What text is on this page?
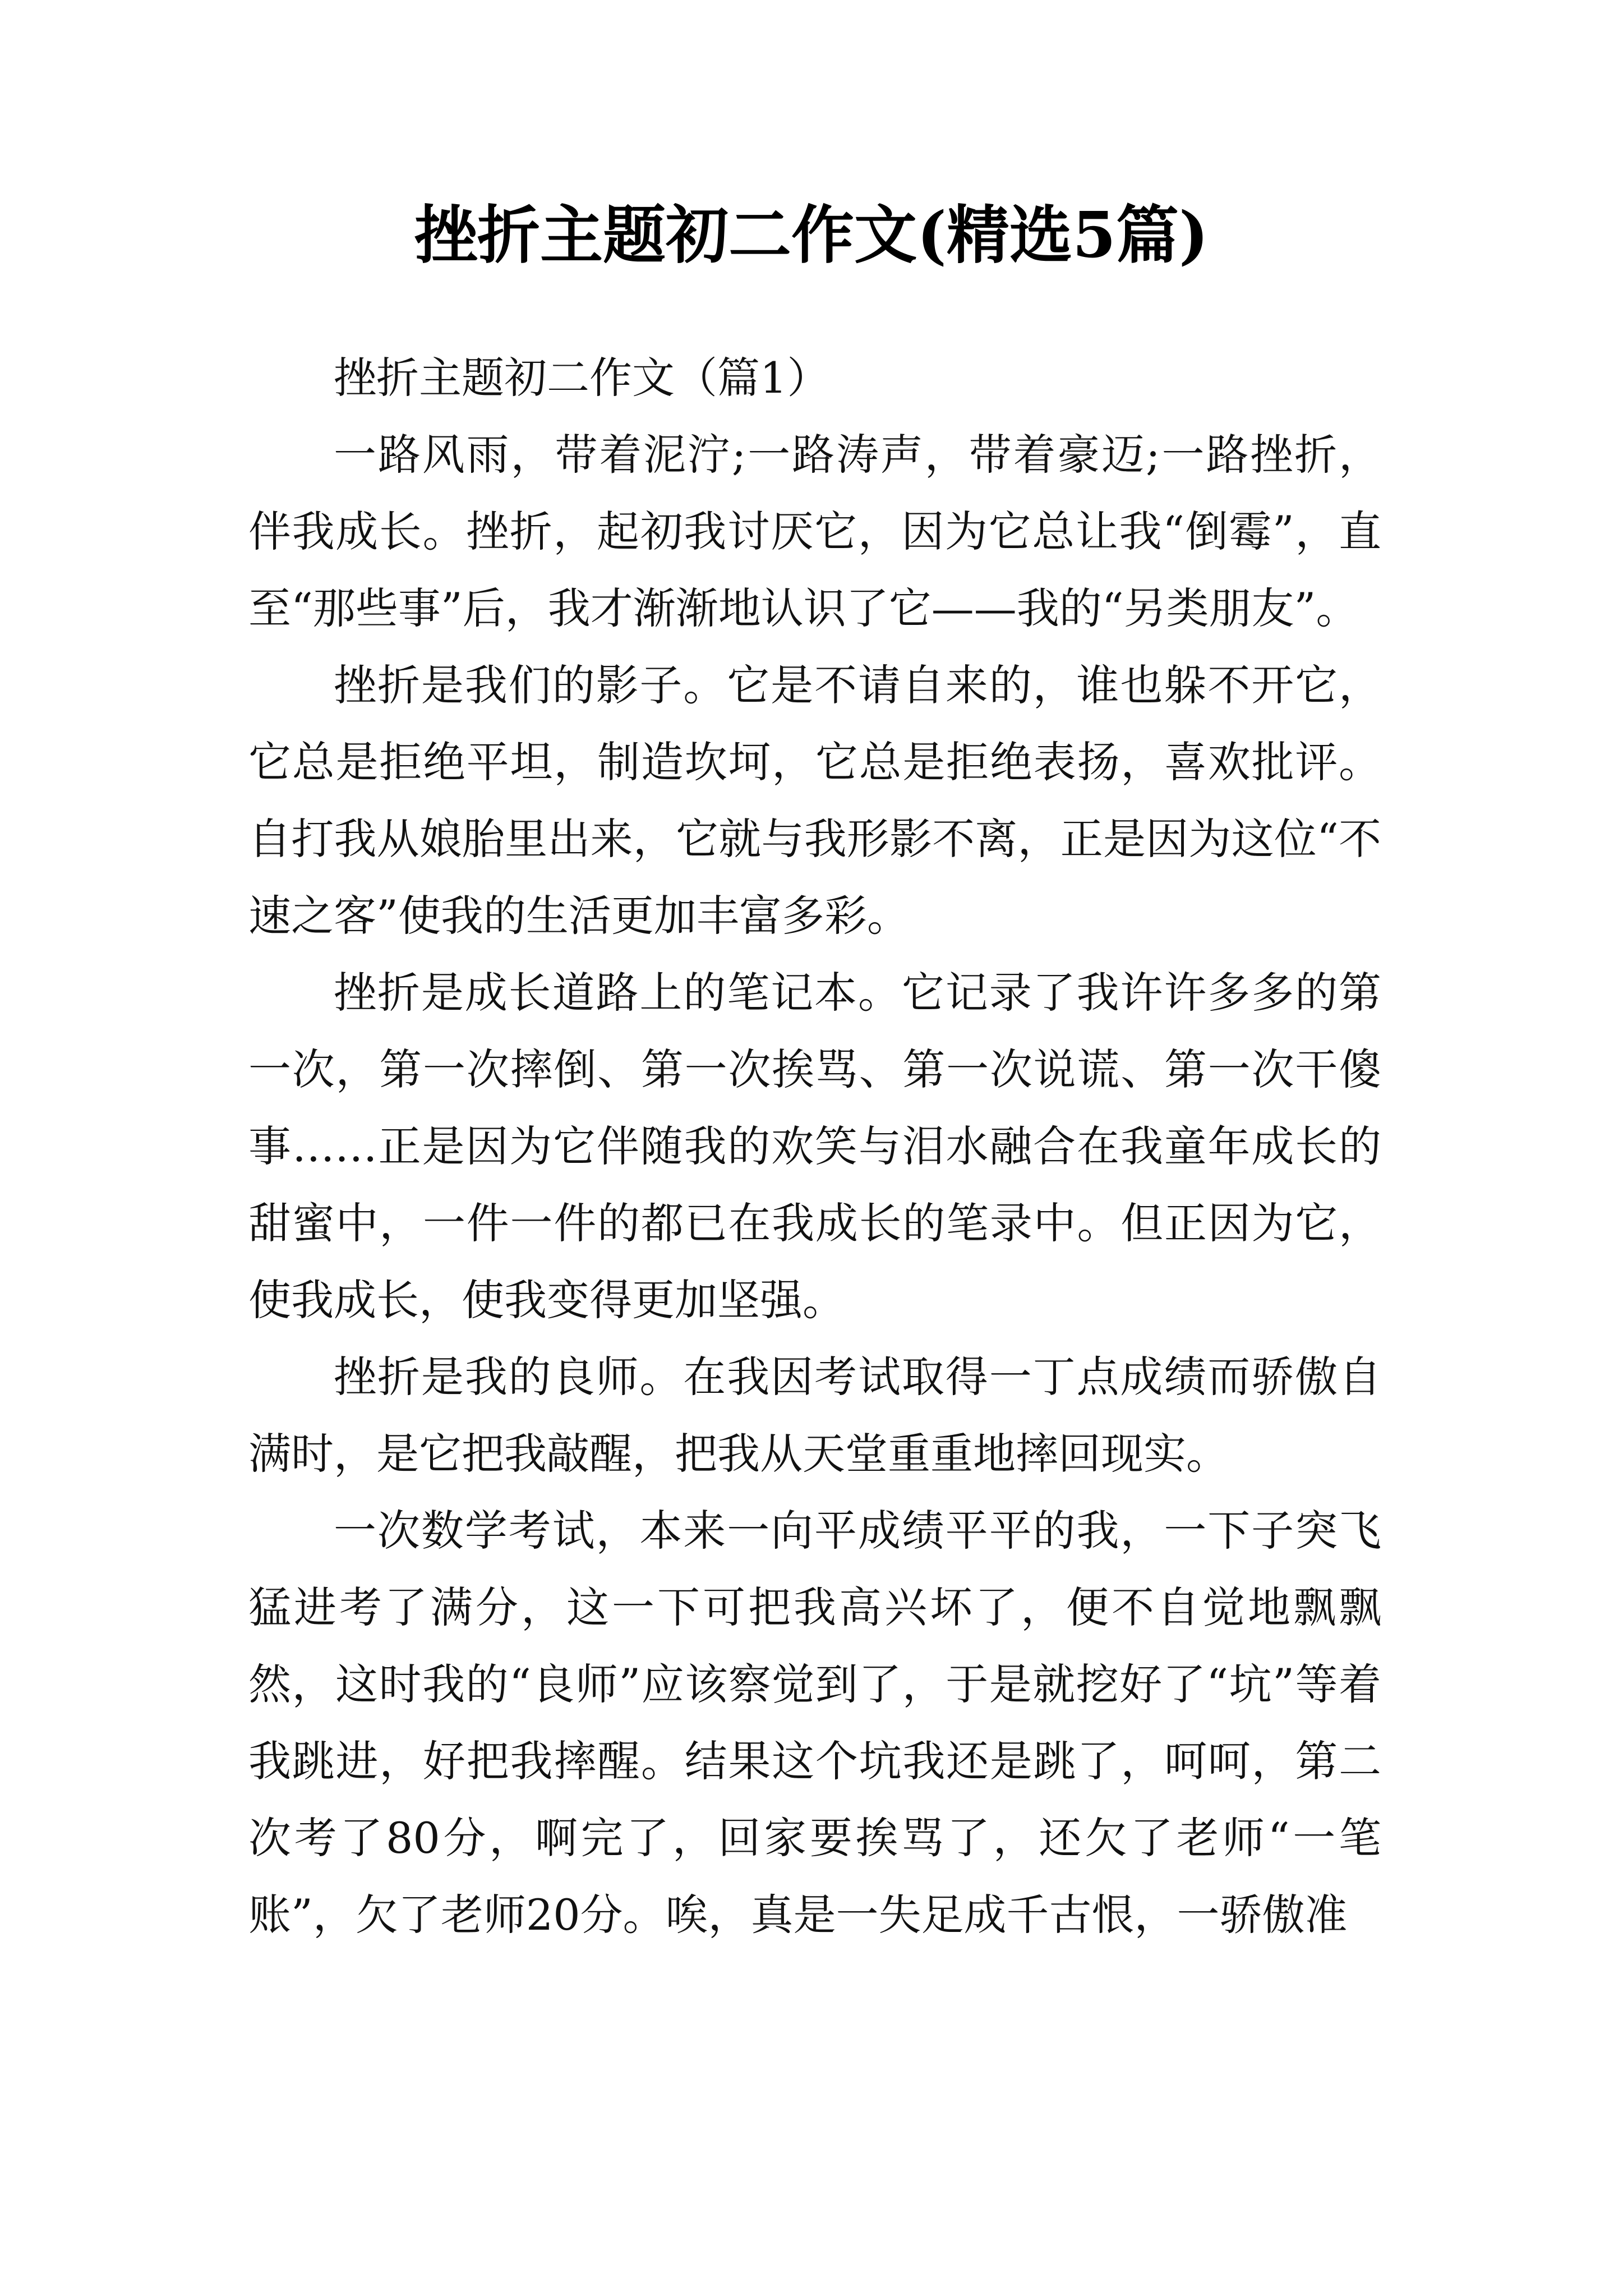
挫折主题初二作文(精选5篇)

挫折主题初二作文（篇1）

一路风雨，带着泥泞;一路涛声，带着豪迈;一路挫折，伴我成长。挫折，起初我讨厌它，因为它总让我“倒霉”，直至“那些事”后，我才渐渐地认识了它——我的“另类朋友”。

挫折是我们的影子。它是不请自来的，谁也躲不开它，它总是拒绝平坦，制造坎坷，它总是拒绝表扬，喜欢批评。自打我从娘胎里出来，它就与我形影不离，正是因为这位“不速之客”使我的生活更加丰富多彩。

挫折是成长道路上的笔记本。它记录了我许许多多的第一次，第一次摔倒、第一次挨骂、第一次说谎、第一次干傻事……正是因为它伴随我的欢笑与泪水融合在我童年成长的甜蜜中，一件一件的都已在我成长的笔录中。但正因为它，使我成长，使我变得更加坚强。

挫折是我的良师。在我因考试取得一丁点成绩而骄傲自满时，是它把我敲醒，把我从天堂重重地摔回现实。

一次数学考试，本来一向平成绩平平的我，一下子突飞猛进考了满分，这一下可把我高兴坏了，便不自觉地飘飘然，这时我的“良师”应该察觉到了，于是就挖好了“坑”等着我跳进，好把我摔醒。结果这个坑我还是跳了，呵呵，第二次考了80分，啊完了，回家要挨骂了，还欠了老师“一笔账”，欠了老师20分。唉，真是一失足成千古恨，一骄傲准
